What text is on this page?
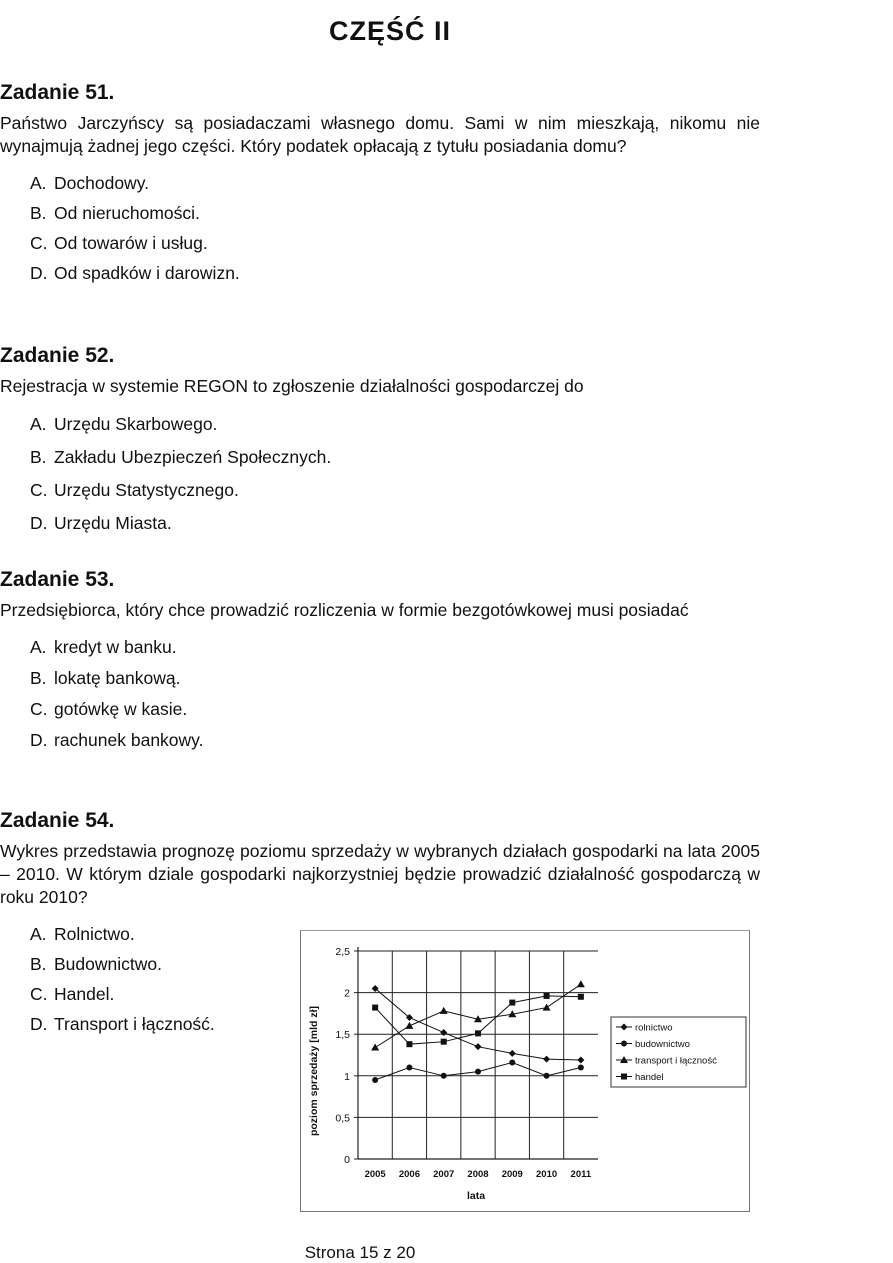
CZĘŚĆ II
Zadanie 51.
Państwo Jarczyńscy są posiadaczami własnego domu. Sami w nim mieszkają, nikomu nie wynajmują żadnej jego części. Który podatek opłacają z tytułu posiadania domu?
A. Dochodowy.
B. Od nieruchomości.
C. Od towarów i usług.
D. Od spadków i darowizn.
Zadanie 52.
Rejestracja w systemie REGON to zgłoszenie działalności gospodarczej do
A. Urzędu Skarbowego.
B. Zakładu Ubezpieczeń Społecznych.
C. Urzędu Statystycznego.
D. Urzędu Miasta.
Zadanie 53.
Przedsiębiorca, który chce prowadzić rozliczenia w formie bezgotówkowej musi posiadać
A. kredyt w banku.
B. lokatę bankową.
C. gotówkę w kasie.
D. rachunek bankowy.
Zadanie 54.
Wykres przedstawia prognozę poziomu sprzedaży w wybranych działach gospodarki na lata 2005 – 2010. W którym dziale gospodarki najkorzystniej będzie prowadzić działalność gospodarczą w roku 2010?
A. Rolnictwo.
B. Budownictwo.
C. Handel.
D. Transport i łączność.
0
0,5
1
1,5
2
2,5
2005 2006 2007 2008 2009 2010 2011
poziom sprzedaży [mld zł]
lata
rolnictwo
budownictwo
transport i łączność
handel
Strona 15 z 20
